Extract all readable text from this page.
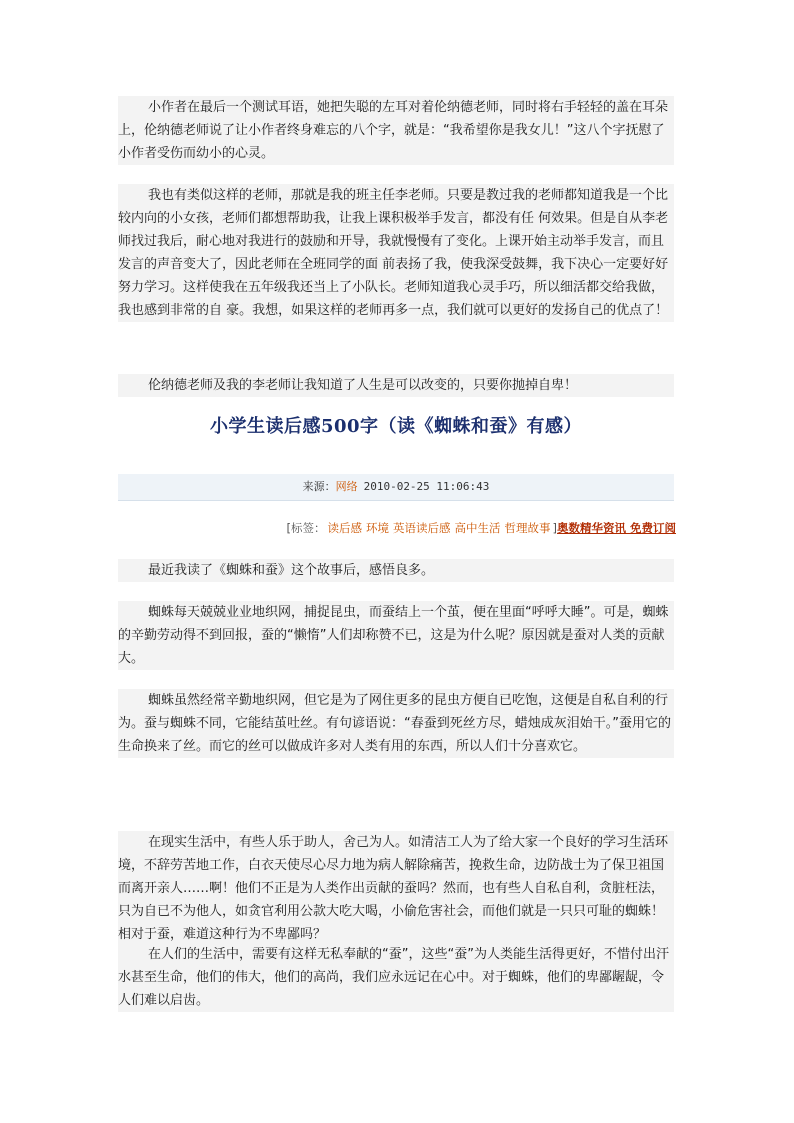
小作者在最后一个测试耳语，她把失聪的左耳对着伦纳德老师，同时将右手轻轻的盖在耳朵上，伦纳德老师说了让小作者终身难忘的八个字，就是：“我希望你是我女儿！”这八个字抚慰了小作者受伤而幼小的心灵。

我也有类似这样的老师，那就是我的班主任李老师。只要是教过我的老师都知道我是一个比较内向的小女孩，老师们都想帮助我，让我上课积极举手发言，都没有任 何效果。但是自从李老师找过我后，耐心地对我进行的鼓励和开导，我就慢慢有了变化。上课开始主动举手发言，而且发言的声音变大了，因此老师在全班同学的面 前表扬了我，使我深受鼓舞，我下决心一定要好好努力学习。这样使我在五年级我还当上了小队长。老师知道我心灵手巧，所以细活都交给我做，我也感到非常的自 豪。我想，如果这样的老师再多一点，我们就可以更好的发扬自己的优点了！

伦纳德老师及我的李老师让我知道了人生是可以改变的，只要你抛掉自卑！

小学生读后感500字（读《蜘蛛和蚕》有感）
来源：网络 2010-02-25 11:06:43
[标签： 读后感 环境 英语读后感 高中生活 哲理故事 ]奥数精华资讯 免费订阅

最近我读了《蜘蛛和蚕》这个故事后，感悟良多。

蜘蛛每天兢兢业业地织网，捕捉昆虫，而蚕结上一个茧，便在里面“呼呼大睡”。可是，蜘蛛的辛勤劳动得不到回报，蚕的“懒惰”人们却称赞不已，这是为什么呢？原因就是蚕对人类的贡献大。

蜘蛛虽然经常辛勤地织网，但它是为了网住更多的昆虫方便自已吃饱，这便是自私自利的行为。蚕与蜘蛛不同，它能结茧吐丝。有句谚语说：“春蚕到死丝方尽，蜡烛成灰泪始干。”蚕用它的生命换来了丝。而它的丝可以做成许多对人类有用的东西，所以人们十分喜欢它。

在现实生活中，有些人乐于助人，舍己为人。如清洁工人为了给大家一个良好的学习生活环境，不辞劳苦地工作，白衣天使尽心尽力地为病人解除痛苦，挽救生命，边防战士为了保卫祖国而离开亲人……啊！他们不正是为人类作出贡献的蚕吗？然而，也有些人自私自利，贪脏枉法，只为自已不为他人，如贪官利用公款大吃大喝，小偷危害社会，而他们就是一只只可耻的蜘蛛！相对于蚕，难道这种行为不卑鄙吗？

在人们的生活中，需要有这样无私奉献的“蚕”，这些“蚕”为人类能生活得更好，不惜付出汗水甚至生命，他们的伟大，他们的高尚，我们应永远记在心中。对于蜘蛛，他们的卑鄙龌龊，令人们难以启齿。
